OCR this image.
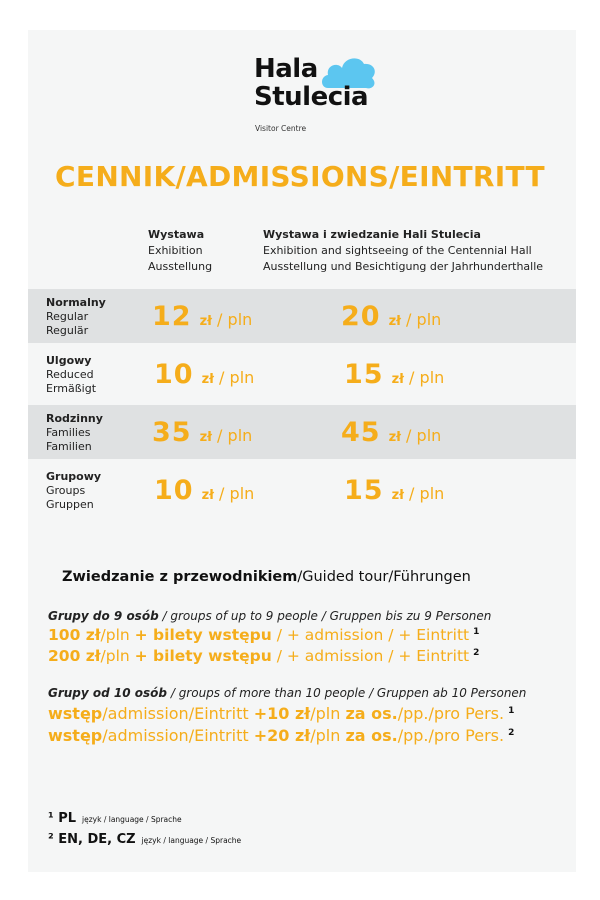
Hala
Stulecia
Visitor Centre
CENNIK/ADMISSIONS/EINTRITT
Wystawa
Exhibition
Ausstellung
Wystawa i zwiedzanie Hali Stulecia
Exhibition and sightseeing of the Centennial Hall
Ausstellung und Besichtigung der Jahrhunderthalle
Normalny
Regular
Regulär	12 zł / pln	20 zł / pln
Ulgowy
Reduced
Ermäßigt 10 zł / pln	15 zł / pln
Rodzinny
Families
Familien	35 zł / pln	45 zł / pln
Grupowy
Groups
Gruppen 10 zł / pln	15 zł / pln
Zwiedzanie z przewodnikiem/Guided tour/Führungen
Grupy do 9 osób / groups of up to 9 people / Gruppen bis zu 9 Personen
100 zł/pln + bilety wstępu / + admission / + Eintritt $^1$
200 zł/pln + bilety wstępu / + admission / + Eintritt $^2$
Grupy od 10 osób / groups of more than 10 people / Gruppen ab 10 Personen
wstęp/admission/Eintritt +10 zł/pln za os./pp./pro Pers. $^1$
wstęp/admission/Eintritt +20 zł/pln za os./pp./pro Pers. $^2$
¹ PL język / language / Sprache
² EN, DE, CZ język / language / Sprache
